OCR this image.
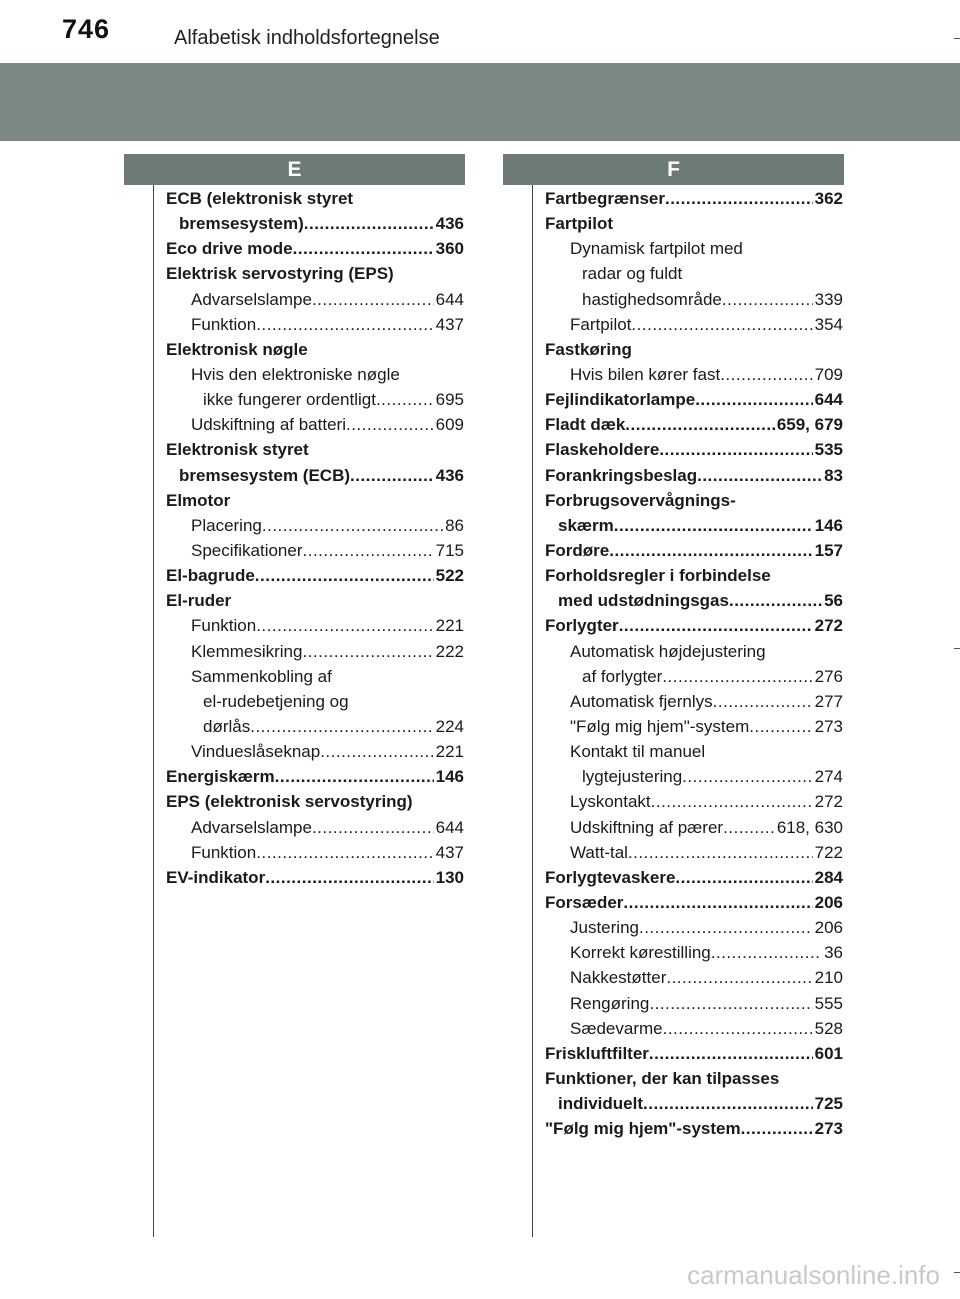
746	Alfabetisk indholdsfortegnelse
E	F
ECB (elektronisk styret
bremsesystem) .....	436
Eco drive mode .....	360
Elektrisk servostyring (EPS)
Advarselslampe .....	644
Funktion .....	437
Elektronisk nøgle
Hvis den elektroniske nøgle
ikke fungerer ordentligt .....	695
Udskiftning af batteri .....	609
Elektronisk styret
bremsesystem (ECB) .....	436
Elmotor
Placering .....	86
Specifikationer .....	715
El-bagrude .....	522
El-ruder
Funktion .....	221
Klemmesikring .....	222
Sammenkobling af
el-rudebetjening og
dørlås .....	224
Vindueslåseknap .....	221
Energiskærm .....	146
EPS (elektronisk servostyring)
Advarselslampe .....	644
Funktion .....	437
EV-indikator .....	130
Fartbegrænser .....	362
Fartpilot
Dynamisk fartpilot med
radar og fuldt
hastighedsområde .....	339
Fartpilot .....	354
Fastkøring
Hvis bilen kører fast .....	709
Fejlindikatorlampe .....	644
Fladt dæk .....	659, 679
Flaskeholdere .....	535
Forankringsbeslag .....	83
Forbrugsovervågnings-
skærm .....	146
Fordøre .....	157
Forholdsregler i forbindelse
med udstødningsgas .....	56
Forlygter .....	272
Automatisk højdejustering
af forlygter .....	276
Automatisk fjernlys .....	277
"Følg mig hjem"-system .....	273
Kontakt til manuel
lygtejustering .....	274
Lyskontakt .....	272
Udskiftning af pærer .....	618, 630
Watt-tal .....	722
Forlygtevaskere .....	284
Forsæder .....	206
Justering .....	206
Korrekt kørestilling .....	36
Nakkestøtter .....	210
Rengøring .....	555
Sædevarme .....	528
Friskluftfilter .....	601
Funktioner, der kan tilpasses
individuelt .....	725
"Følg mig hjem"-system .....	273
carmanualsonline.info
